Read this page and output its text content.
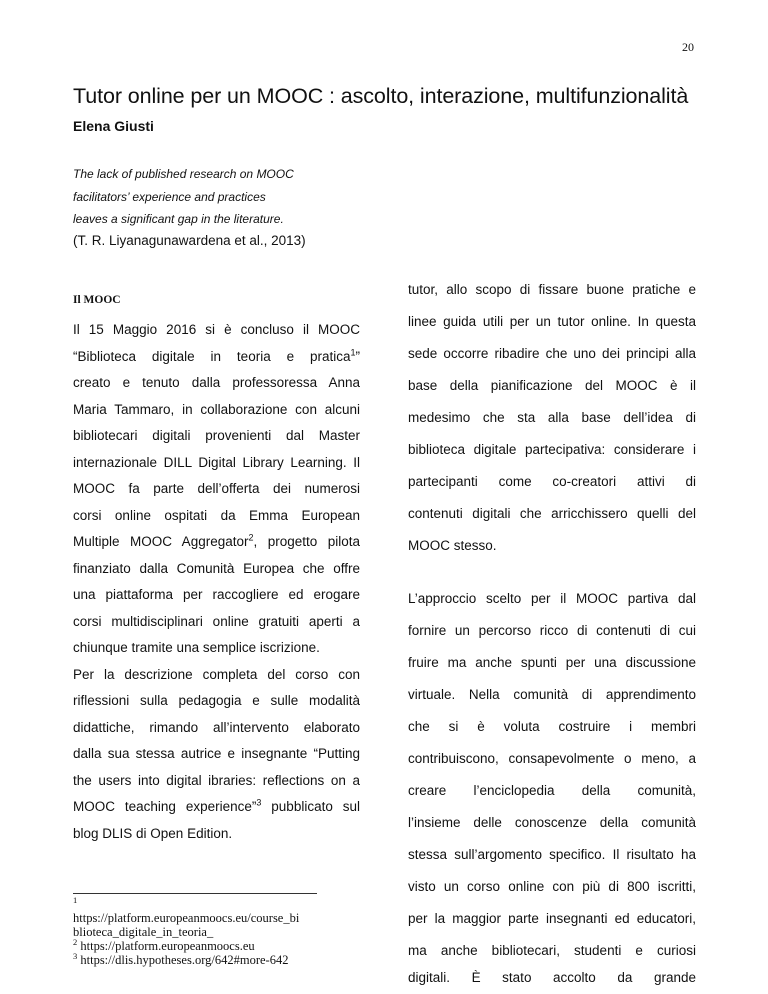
20
Tutor online per un MOOC : ascolto, interazione, multifunzionalità
Elena Giusti
The lack of published research on MOOC
facilitators’ experience and practices
leaves a significant gap in the literature.
(T. R. Liyanagunawardena et al., 2013)
Il MOOC
Il 15 Maggio 2016 si è concluso il MOOC
“Biblioteca digitale in teoria e pratica$^1$”
creato e tenuto dalla professoressa Anna
Maria Tammaro, in collaborazione con alcuni
bibliotecari digitali provenienti dal Master
internazionale DILL Digital Library Learning. Il
MOOC fa parte dell’offerta dei numerosi
corsi online ospitati da Emma European
Multiple MOOC Aggregator$^2$, progetto pilota
finanziato dalla Comunità Europea che offre
una piattaforma per raccogliere ed erogare
corsi multidisciplinari online gratuiti aperti a
chiunque tramite una semplice iscrizione.
Per la descrizione completa del corso con
riflessioni sulla pedagogia e sulle modalità
didattiche, rimando all’intervento elaborato
tutor, allo scopo di fissare buone pratiche e
linee guida utili per un tutor online. In questa
sede occorre ribadire che uno dei principi alla
base della pianificazione del MOOC è il
medesimo che sta alla base dell’idea di
biblioteca digitale partecipativa: considerare i
partecipanti come co-creatori attivi di
contenuti digitali che arricchissero quelli del
MOOC stesso.
L’approccio scelto per il MOOC partiva dal
fornire un percorso ricco di contenuti di cui
fruire ma anche spunti per una discussione
virtuale. Nella comunità di apprendimento
che si è voluta costruire i membri
contribuiscono, consapevolmente o meno, a
creare l’enciclopedia della comunità,
l’insieme delle conoscenze della comunità
stessa sull’argomento specifico. Il risultato ha
visto un corso online con più di 800 iscritti,
per la maggior parte insegnanti ed educatori,
ma anche bibliotecari, studenti e curiosi
digitali. È stato accolto da grande
$^1$
https://platform.europeanmoocs.eu/course_bi
blioteca_digitale_in_teoria_
$^2$ https://platform.europeanmoocs.eu
$^3$ https://dlis.hypotheses.org/642#more-642
dalla sua stessa autrice e insegnante “Putting
the users into digital ibraries: reflections on a
MOOC teaching experience”$^3$ pubblicato sul
blog DLIS di Open Edition.
